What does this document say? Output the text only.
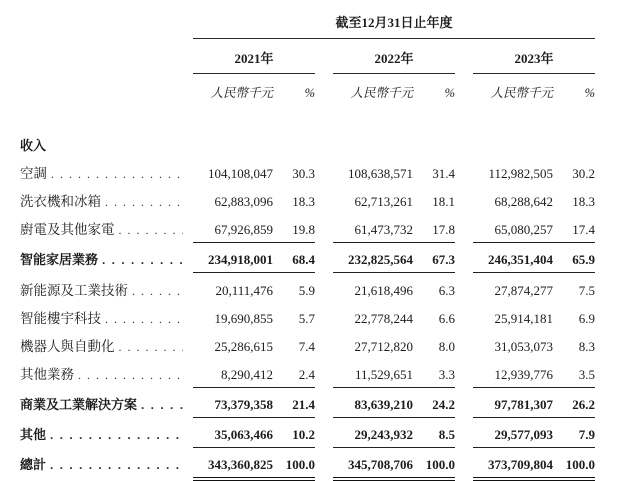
截至12月31日止年度
2021年	2022年	2023年
人民幣千元	%	人民幣千元	%	人民幣千元	%
收入
空調 . . .	104,108,047	30.3	108,638,571	31.4	112,982,505	30.2
洗衣機和冰箱 . . .	62,883,096	18.3	62,713,261	18.1	68,288,642	18.3
廚電及其他家電 . . .	67,926,859	19.8	61,473,732	17.8	65,080,257	17.4
智能家居業務 . . .	234,918,001	68.4	232,825,564	67.3	246,351,404	65.9
新能源及工業技術 . . .	20,111,476	5.9	21,618,496	6.3	27,874,277	7.5
智能樓宇科技 . . .	19,690,855	5.7	22,778,244	6.6	25,914,181	6.9
機器人與自動化 . . .	25,286,615	7.4	27,712,820	8.0	31,053,073	8.3
其他業務 . . .	8,290,412	2.4	11,529,651	3.3	12,939,776	3.5
商業及工業解決方案 . . .	73,379,358	21.4	83,639,210	24.2	97,781,307	26.2
其他 . . .	35,063,466	10.2	29,243,932	8.5	29,577,093	7.9
總計 . . .	343,360,825 100.0	345,708,706 100.0	373,709,804 100.0
